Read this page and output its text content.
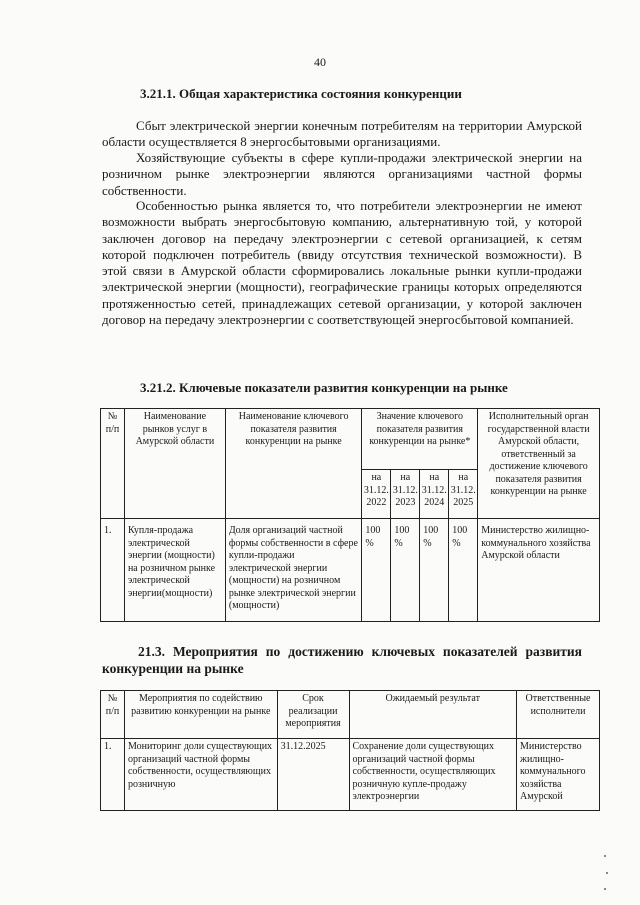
40
3.21.1. Общая характеристика состояния конкуренции

Сбыт электрической энергии конечным потребителям на территории Амурской области осуществляется 8 энергосбытовыми организациями.

Хозяйствующие субъекты в сфере купли-продажи электрической энергии на розничном рынке электроэнергии являются организациями частной формы собственности.

Особенностью рынка является то, что потребители электроэнергии не имеют возможности выбрать энергосбытовую компанию, альтернативную той, у которой заключен договор на передачу электроэнергии с сетевой организацией, к сетям которой подключен потребитель (ввиду отсутствия технической возможности). В этой связи в Амурской области сформировались локальные рынки купли-продажи электрической энергии (мощности), географические границы которых определяются протяженностью сетей, принадлежащих сетевой организации, у которой заключен договор на передачу электроэнергии с соответствующей энергосбытовой компанией.

3.21.2. Ключевые показатели развития конкуренции на рынке
№ п/п	Наименование рынков услуг в Амурской области	Наименование ключевого показателя развития конкуренции на рынке	Значение ключевого показателя развития конкуренции на рынке*				Исполнительный орган государственной власти Амурской области, ответственный за достижение ключевого показателя развития конкуренции на рынке
			на 31.12. 2022	на 31.12. 2023	на 31.12. 2024	на 31.12. 2025	
1.	Купля-продажа электрической энергии (мощности) на розничном рынке электрической энергии(мощности)	Доля организаций частной формы собственности в сфере купли-продажи электрической энергии (мощности) на розничном рынке электрической энергии (мощности)	100 %	100 %	100 %	100 %	Министерство жилищно-коммунального хозяйства Амурской области
21.3. Мероприятия по достижению ключевых показателей развития конкуренции на рынке
№ п/п	Мероприятия по содействию развитию конкуренции на рынке	Срок реализации мероприятия	Ожидаемый результат	Ответственные исполнители
1.	Мониторинг доли существующих организаций частной формы собственности, осуществляющих розничную	31.12.2025	Сохранение доли существующих организаций частной формы собственности, осуществляющих розничную купле-продажу электроэнергии	Министерство жилищно-коммунального хозяйства Амурской
